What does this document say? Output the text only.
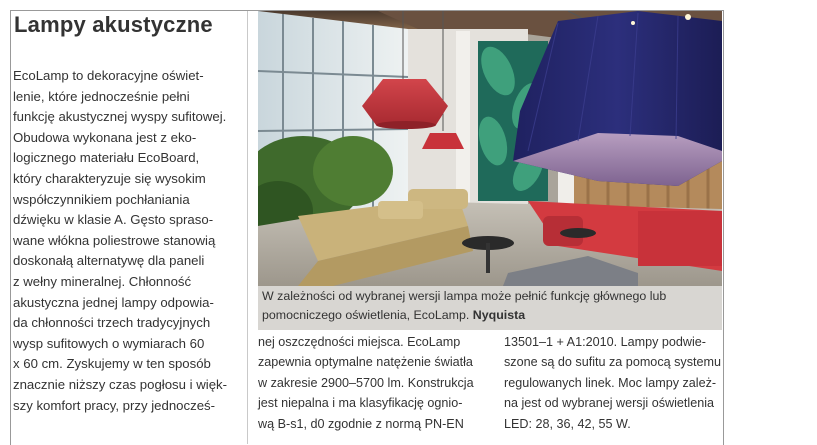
Lampy akustyczne
EcoLamp to dekoracyjne oświet-
lenie, które jednocześnie pełni
funkcję akustycznej wyspy sufitowej.
Obudowa wykonana jest z eko-
logicznego materiału EcoBoard,
który charakteryzuje się wysokim
współczynnikiem pochłaniania
dźwięku w klasie A. Gęsto spraso-
wane włókna poliestrowe stanowią
doskonałą alternatywę dla paneli
z wełny mineralnej. Chłonność
akustyczna jednej lampy odpowia-
da chłonności trzech tradycyjnych
wysp sufitowych o wymiarach 60
x 60 cm. Zyskujemy w ten sposób
znacznie niższy czas pogłosu i więk-
szy komfort pracy, przy jednocześ-
W zależności od wybranej wersji lampa może pełnić funkcję głównego lub
pomocniczego oświetlenia, EcoLamp. Nyquista
nej oszczędności miejsca. EcoLamp
zapewnia optymalne natężenie światła
w zakresie 2900–5700 lm. Konstrukcja
jest niepalna i ma klasyfikację ognio-
wą B-s1, d0 zgodnie z normą PN-EN
13501–1 + A1:2010. Lampy podwie-
szone są do sufitu za pomocą systemu
regulowanych linek. Moc lampy zależ-
na jest od wybranej wersji oświetlenia
LED: 28, 36, 42, 55 W.
